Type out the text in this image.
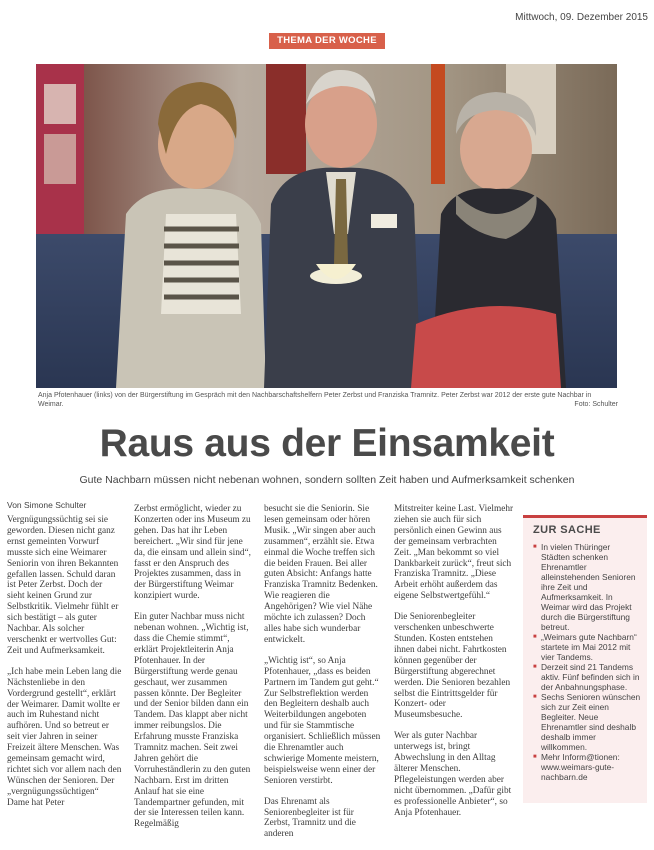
Mittwoch, 09. Dezember 2015
THEMA DER WOCHE
Anja Pfotenhauer (links) von der Bürgerstiftung im Gespräch mit den Nachbarschaftshelfern Peter Zerbst und Franziska Tramnitz. Peter Zerbst war 2012 der erste gute Nachbar in Weimar.	Foto: Schulter
Raus aus der Einsamkeit
Gute Nachbarn müssen nicht nebenan wohnen, sondern sollten Zeit haben und Aufmerksamkeit schenken
Von Simone Schulter

Vergnügungssüchtig sei sie geworden. Diesen nicht ganz ernst gemeinten Vorwurf musste sich eine Weimarer Seniorin von ihren Bekannten gefallen lassen. Schuld daran ist Peter Zerbst. Doch der sieht keinen Grund zur Selbstkritik. Vielmehr fühlt er sich bestätigt – als guter Nachbar. Als solcher verschenkt er wertvolles Gut: Zeit und Aufmerksamkeit.

„Ich habe mein Leben lang die Nächstenliebe in den Vordergrund gestellt“, erklärt der Weimarer. Damit wollte er auch im Ruhestand nicht aufhören. Und so betreut er seit vier Jahren in seiner Freizeit ältere Menschen. Was gemeinsam gemacht wird, richtet sich vor allem nach den Wünschen der Senioren. Der „vergnügungssüchtigen“ Dame hat Peter

Zerbst ermöglicht, wieder zu Konzerten oder ins Museum zu gehen. Das hat ihr Leben bereichert. „Wir sind für jene da, die einsam und allein sind“, fasst er den Anspruch des Projektes zusammen, dass in der Bürgerstiftung Weimar konzipiert wurde.

Ein guter Nachbar muss nicht nebenan wohnen. „Wichtig ist, dass die Chemie stimmt“, erklärt Projektleiterin Anja Pfotenhauer. In der Bürgerstiftung werde genau geschaut, wer zusammen passen könnte. Der Begleiter und der Senior bilden dann ein Tandem. Das klappt aber nicht immer reibungslos. Die Erfahrung musste Franziska Tramnitz machen. Seit zwei Jahren gehört die Vorruheständlerin zu den guten Nachbarn. Erst im dritten Anlauf hat sie eine Tandempartner gefunden, mit der sie Interessen teilen kann. Regelmäßig

besucht sie die Seniorin. Sie lesen gemeinsam oder hören Musik. „Wir singen aber auch zusammen“, erzählt sie. Etwa einmal die Woche treffen sich die beiden Frauen. Bei aller guten Absicht: Anfangs hatte Franziska Tramnitz Bedenken. Wie reagieren die Angehörigen? Wie viel Nähe möchte ich zulassen? Doch alles habe sich wunderbar entwickelt.

„Wichtig ist“, so Anja Pfotenhauer, „dass es beiden Partnern im Tandem gut geht.“ Zur Selbstreflektion werden den Begleitern deshalb auch Weiterbildungen angeboten und für sie Stammtische organisiert. Schließlich müssen die Ehrenamtler auch schwierige Momente meistern, beispielsweise wenn einer der Senioren verstirbt.

Das Ehrenamt als Seniorenbegleiter ist für Zerbst, Tramnitz und die anderen

Mitstreiter keine Last. Vielmehr ziehen sie auch für sich persönlich einen Gewinn aus der gemeinsam verbrachten Zeit. „Man bekommt so viel Dankbarkeit zurück“, freut sich Franziska Tramnitz. „Diese Arbeit erhöht außerdem das eigene Selbstwertgefühl.“

Die Seniorenbegleiter verschenken unbeschwerte Stunden. Kosten entstehen ihnen dabei nicht. Fahrtkosten können gegenüber der Bürgerstiftung abgerechnet werden. Die Senioren bezahlen selbst die Eintrittsgelder für Konzert- oder Museumsbesuche.

Wer als guter Nachbar unterwegs ist, bringt Abwechslung in den Alltag älterer Menschen. Pflegeleistungen werden aber nicht übernommen. „Dafür gibt es professionelle Anbieter“, so Anja Pfotenhauer.

ZUR SACHE
■ In vielen Thüringer Städten schenken Ehrenamtler alleinstehenden Senioren ihre Zeit und Aufmerksamkeit. In Weimar wird das Projekt durch die Bürgerstiftung betreut.
■ „Weimars gute Nachbarn“ startete im Mai 2012 mit vier Tandems.
■ Derzeit sind 21 Tandems aktiv. Fünf befinden sich in der Anbahnungsphase.
■ Sechs Senioren wünschen sich zur Zeit einen Begleiter. Neue Ehrenamtler sind deshalb deshalb immer willkommen.
■ Mehr Inform@tionen: www.weimars-gute-nachbarn.de
